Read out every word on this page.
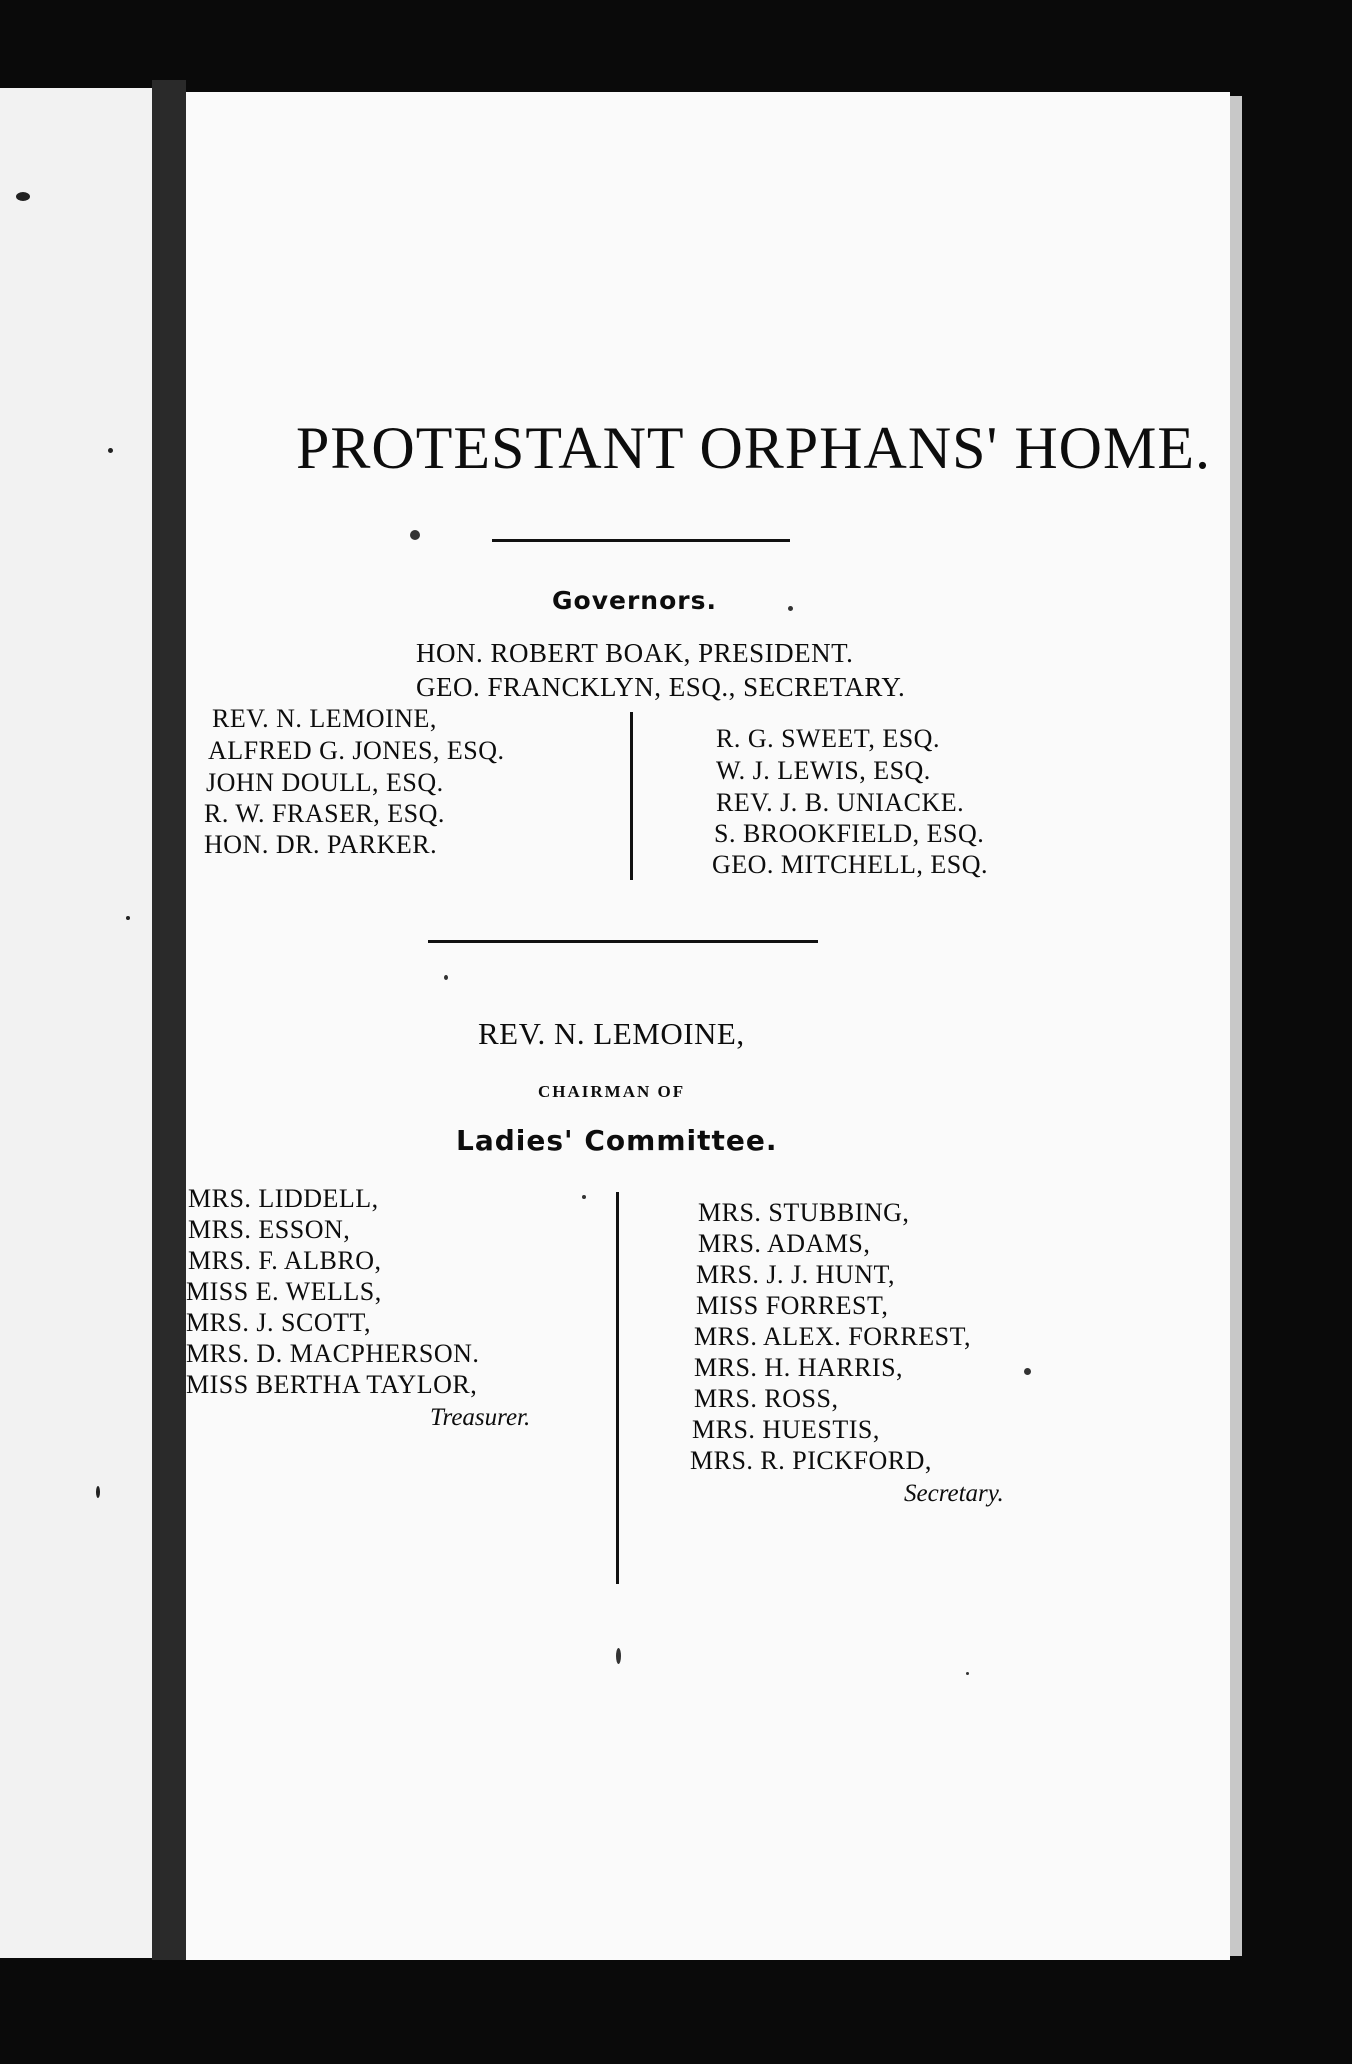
PROTESTANT ORPHANS' HOME.
Governors.
HON. ROBERT BOAK, PRESIDENT.
GEO. FRANCKLYN, ESQ., SECRETARY.
REV. N. LEMOINE,
ALFRED G. JONES, ESQ.
JOHN DOULL, ESQ.
R. W. FRASER, ESQ.
HON. DR. PARKER.
R. G. SWEET, ESQ.
W. J. LEWIS, ESQ.
REV. J. B. UNIACKE.
S. BROOKFIELD, ESQ.
GEO. MITCHELL, ESQ.
REV. N. LEMOINE,
CHAIRMAN OF
Ladies' Committee.
MRS. LIDDELL,
MRS. ESSON,
MRS. F. ALBRO,
MISS E. WELLS,
MRS. J. SCOTT,
MRS. D. MACPHERSON.
MISS BERTHA TAYLOR,
Treasurer.
MRS. STUBBING,
MRS. ADAMS,
MRS. J. J. HUNT,
MISS FORREST,
MRS. ALEX. FORREST,
MRS. H. HARRIS,
MRS. ROSS,
MRS. HUESTIS,
MRS. R. PICKFORD,
Secretary.
